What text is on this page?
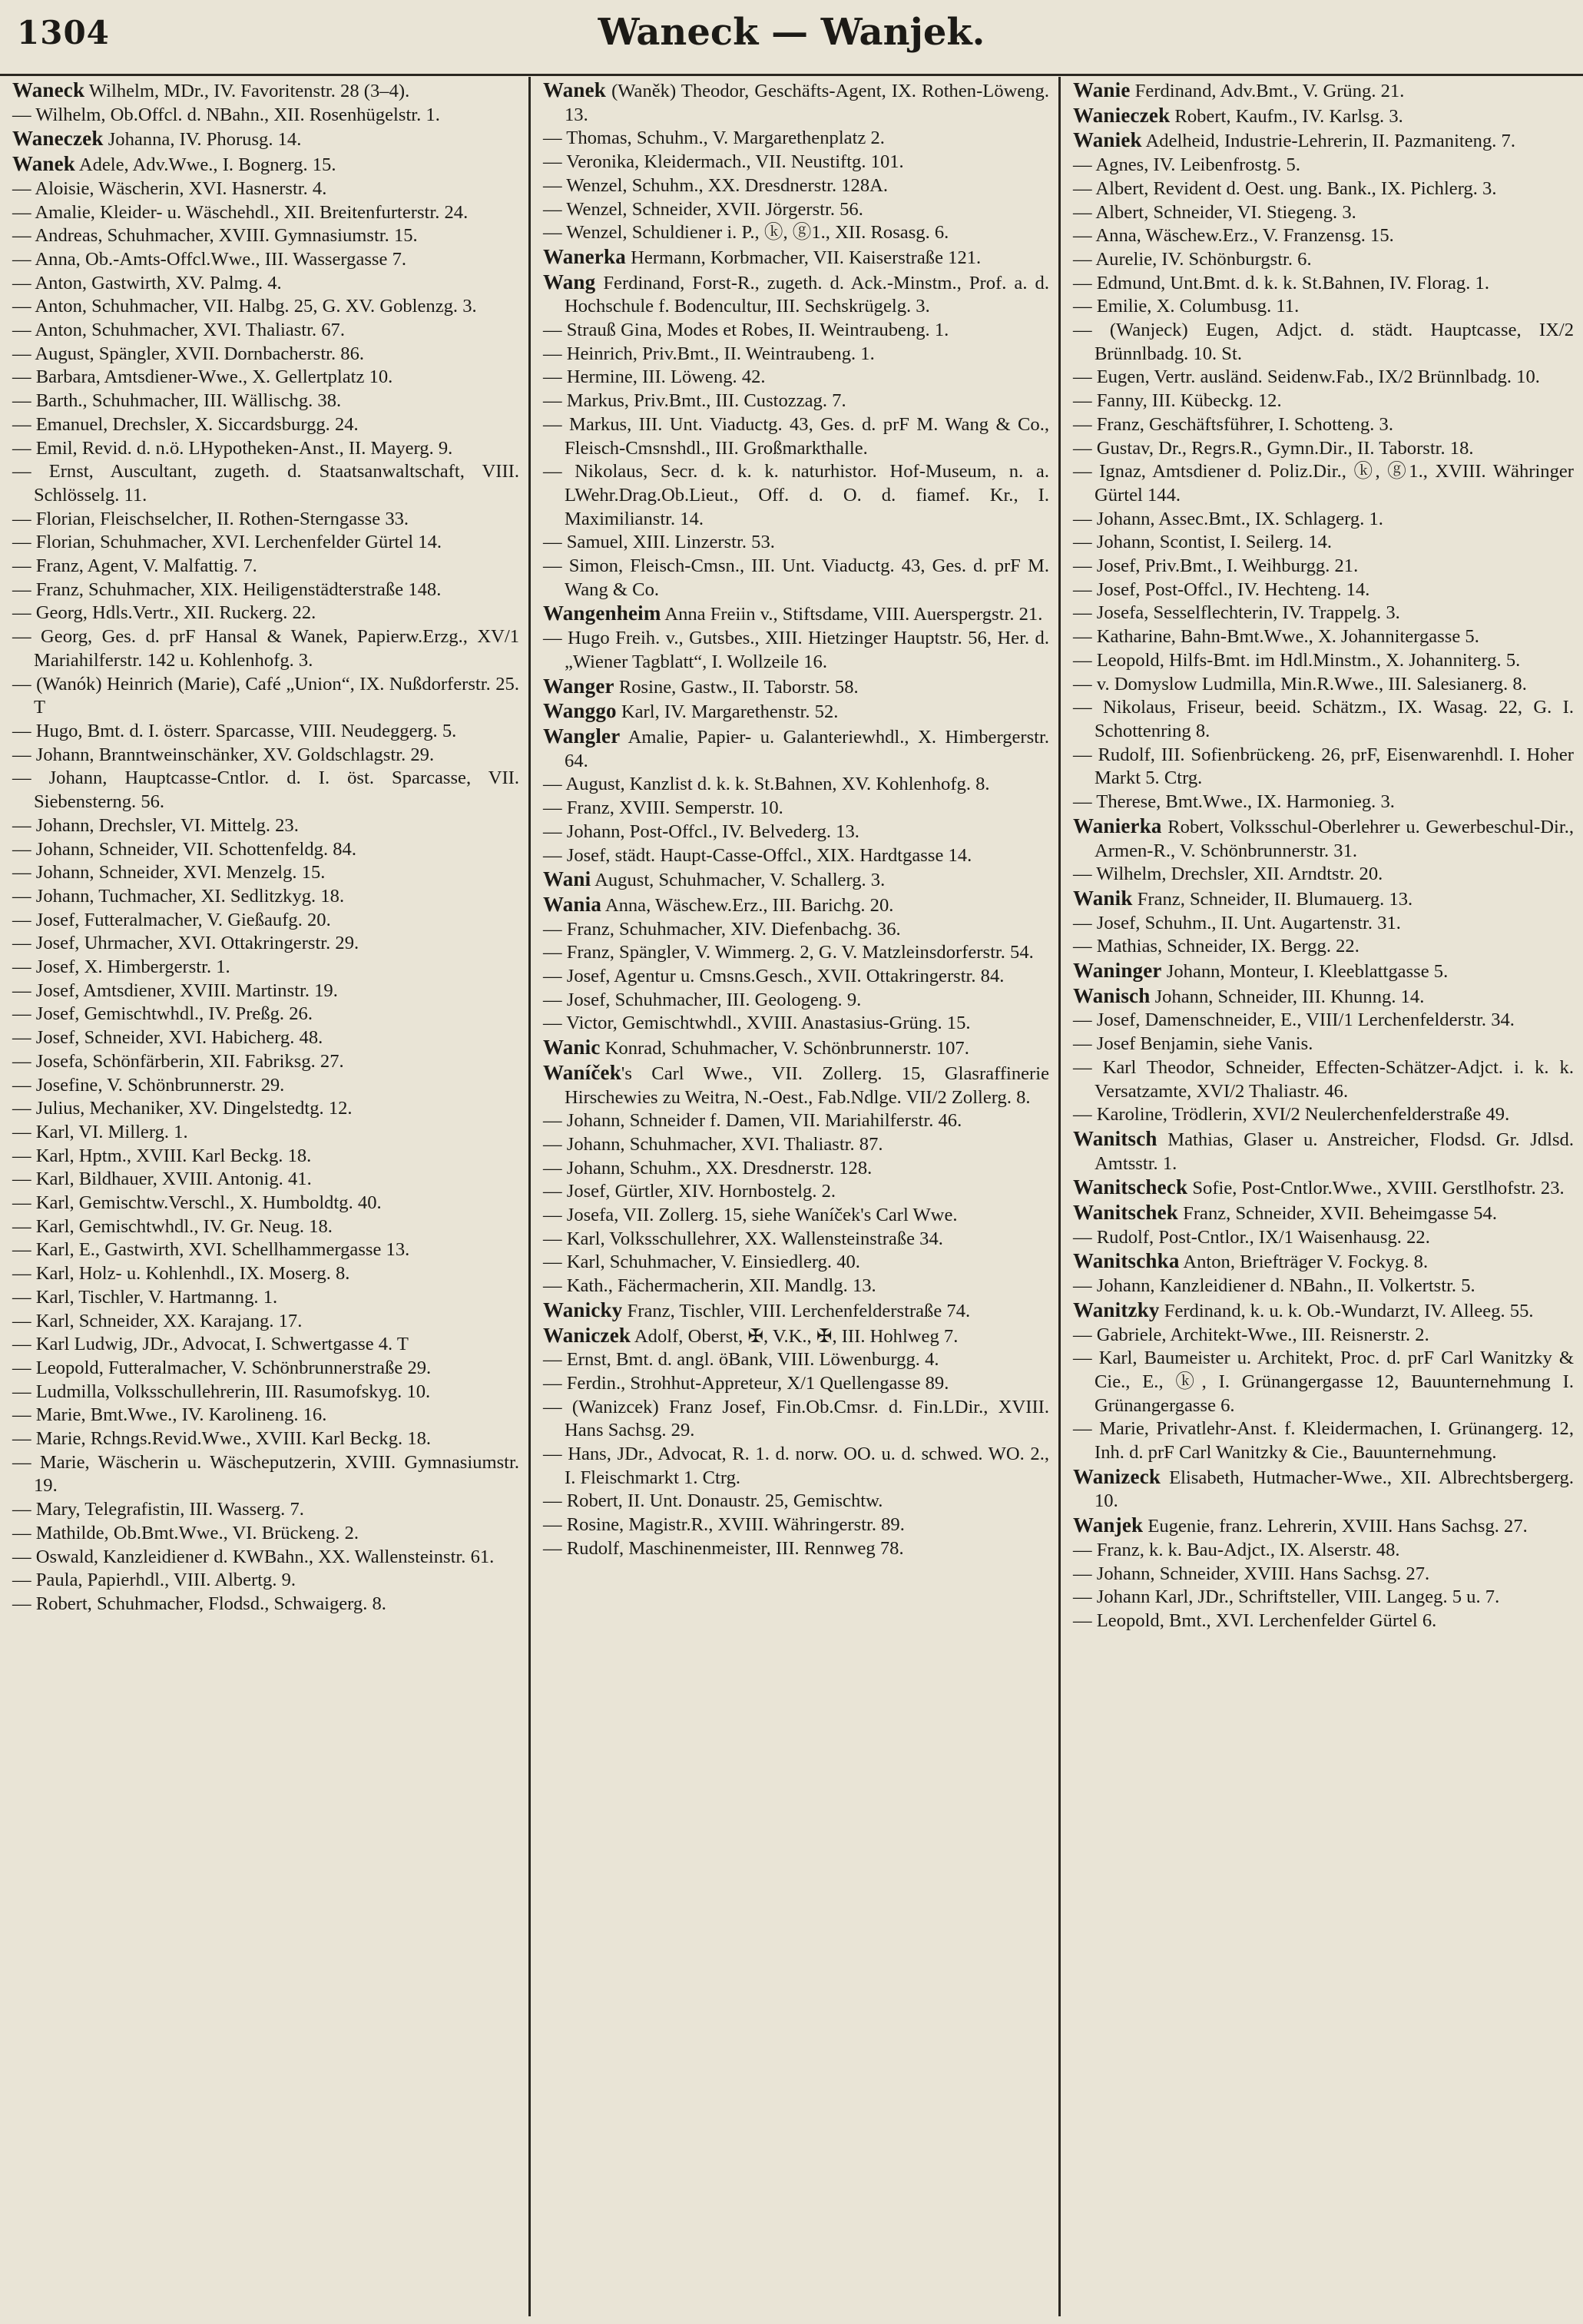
1304	Waneck — Wanjek.

Waneck Wilhelm, MDr., IV. Favoritenstr. 28 (3–4).

— Wilhelm, Ob.Offcl. d. NBahn., XII. Rosenhügelstr. 1.

Waneczek Johanna, IV. Phorusg. 14.

Wanek Adele, Adv.Wwe., I. Bognerg. 15.

— Aloisie, Wäscherin, XVI. Hasnerstr. 4.

— Amalie, Kleider- u. Wäschehdl., XII. Breitenfurterstr. 24.

— Andreas, Schuhmacher, XVIII. Gymnasiumstr. 15.

— Anna, Ob.-Amts-Offcl.Wwe., III. Wassergasse 7.

— Anton, Gastwirth, XV. Palmg. 4.

— Anton, Schuhmacher, VII. Halbg. 25, G. XV. Goblenzg. 3.

— Anton, Schuhmacher, XVI. Thaliastr. 67.

— August, Spängler, XVII. Dornbacherstr. 86.

— Barbara, Amtsdiener-Wwe., X. Gellertplatz 10.

— Barth., Schuhmacher, III. Wällischg. 38.

— Emanuel, Drechsler, X. Siccardsburgg. 24.

— Emil, Revid. d. n.ö. LHypotheken-Anst., II. Mayerg. 9.

— Ernst, Auscultant, zugeth. d. Staatsanwaltschaft, VIII. Schlösselg. 11.

— Florian, Fleischselcher, II. Rothen-Sterngasse 33.

— Florian, Schuhmacher, XVI. Lerchenfelder Gürtel 14.

— Franz, Agent, V. Malfattig. 7.

— Franz, Schuhmacher, XIX. Heiligenstädterstraße 148.

— Georg, Hdls.Vertr., XII. Ruckerg. 22.

— Georg, Ges. d. prF Hansal & Wanek, Papierw.Erzg., XV/1 Mariahilferstr. 142 u. Kohlenhofg. 3.

— (Wanók) Heinrich (Marie), Café „Union“, IX. Nußdorferstr. 25. T

— Hugo, Bmt. d. I. österr. Sparcasse, VIII. Neudeggerg. 5.

— Johann, Branntweinschänker, XV. Goldschlagstr. 29.

— Johann, Hauptcasse-Cntlor. d. I. öst. Sparcasse, VII. Siebensterng. 56.

— Johann, Drechsler, VI. Mittelg. 23.

— Johann, Schneider, VII. Schottenfeldg. 84.

— Johann, Schneider, XVI. Menzelg. 15.

— Johann, Tuchmacher, XI. Sedlitzkyg. 18.

— Josef, Futteralmacher, V. Gießaufg. 20.

— Josef, Uhrmacher, XVI. Ottakringerstr. 29.

— Josef, X. Himbergerstr. 1.

— Josef, Amtsdiener, XVIII. Martinstr. 19.

— Josef, Gemischtwhdl., IV. Preßg. 26.

— Josef, Schneider, XVI. Habicherg. 48.

— Josefa, Schönfärberin, XII. Fabriksg. 27.

— Josefine, V. Schönbrunnerstr. 29.

— Julius, Mechaniker, XV. Dingelstedtg. 12.

— Karl, VI. Millerg. 1.

— Karl, Hptm., XVIII. Karl Beckg. 18.

— Karl, Bildhauer, XVIII. Antonig. 41.

— Karl, Gemischtw.Verschl., X. Humboldtg. 40.

— Karl, Gemischtwhdl., IV. Gr. Neug. 18.

— Karl, E., Gastwirth, XVI. Schellhammergasse 13.

— Karl, Holz- u. Kohlenhdl., IX. Moserg. 8.

— Karl, Tischler, V. Hartmanng. 1.

— Karl, Schneider, XX. Karajang. 17.

— Karl Ludwig, JDr., Advocat, I. Schwertgasse 4. T

— Leopold, Futteralmacher, V. Schönbrunnerstraße 29.

— Ludmilla, Volksschullehrerin, III. Rasumofskyg. 10.

— Marie, Bmt.Wwe., IV. Karolineng. 16.

— Marie, Rchngs.Revid.Wwe., XVIII. Karl Beckg. 18.

— Marie, Wäscherin u. Wäscheputzerin, XVIII. Gymnasiumstr. 19.

— Mary, Telegrafistin, III. Wasserg. 7.

— Mathilde, Ob.Bmt.Wwe., VI. Brückeng. 2.

— Oswald, Kanzleidiener d. KWBahn., XX. Wallensteinstr. 61.

— Paula, Papierhdl., VIII. Albertg. 9.

— Robert, Schuhmacher, Flodsd., Schwaigerg. 8.

Wanek (Waněk) Theodor, Geschäfts-Agent, IX. Rothen-Löweng. 13.

— Thomas, Schuhm., V. Margarethenplatz 2.

— Veronika, Kleidermach., VII. Neustiftg. 101.

— Wenzel, Schuhm., XX. Dresdnerstr. 128A.

— Wenzel, Schneider, XVII. Jörgerstr. 56.

— Wenzel, Schuldiener i. P., ⓚ, ⓖ1., XII. Rosasg. 6.

Wanerka Hermann, Korbmacher, VII. Kaiserstraße 121.

Wang Ferdinand, Forst-R., zugeth. d. Ack.-Minstm., Prof. a. d. Hochschule f. Bodencultur, III. Sechskrügelg. 3.

— Strauß Gina, Modes et Robes, II. Weintraubeng. 1.

— Heinrich, Priv.Bmt., II. Weintraubeng. 1.

— Hermine, III. Löweng. 42.

— Markus, Priv.Bmt., III. Custozzag. 7.

— Markus, III. Unt. Viaductg. 43, Ges. d. prF M. Wang & Co., Fleisch-Cmsnshdl., III. Großmarkthalle.

— Nikolaus, Secr. d. k. k. naturhistor. Hof-Museum, n. a. LWehr.Drag.Ob.Lieut., Off. d. O. d. fiamef. Kr., I. Maximilianstr. 14.

— Samuel, XIII. Linzerstr. 53.

— Simon, Fleisch-Cmsn., III. Unt. Viaductg. 43, Ges. d. prF M. Wang & Co.

Wangenheim Anna Freiin v., Stiftsdame, VIII. Auerspergstr. 21.

— Hugo Freih. v., Gutsbes., XIII. Hietzinger Hauptstr. 56, Her. d. „Wiener Tagblatt“, I. Wollzeile 16.

Wanger Rosine, Gastw., II. Taborstr. 58.

Wanggo Karl, IV. Margarethenstr. 52.

Wangler Amalie, Papier- u. Galanteriewhdl., X. Himbergerstr. 64.

— August, Kanzlist d. k. k. St.Bahnen, XV. Kohlenhofg. 8.

— Franz, XVIII. Semperstr. 10.

— Johann, Post-Offcl., IV. Belvederg. 13.

— Josef, städt. Haupt-Casse-Offcl., XIX. Hardtgasse 14.

Wani August, Schuhmacher, V. Schallerg. 3.

Wania Anna, Wäschew.Erz., III. Barichg. 20.

— Franz, Schuhmacher, XIV. Diefenbachg. 36.

— Franz, Spängler, V. Wimmerg. 2, G. V. Matzleinsdorferstr. 54.

— Josef, Agentur u. Cmsns.Gesch., XVII. Ottakringerstr. 84.

— Josef, Schuhmacher, III. Geologeng. 9.

— Victor, Gemischtwhdl., XVIII. Anastasius-Grüng. 15.

Wanic Konrad, Schuhmacher, V. Schönbrunnerstr. 107.

Waníček's Carl Wwe., VII. Zollerg. 15, Glasraffinerie Hirschewies zu Weitra, N.-Oest., Fab.Ndlge. VII/2 Zollerg. 8.

— Johann, Schneider f. Damen, VII. Mariahilferstr. 46.

— Johann, Schuhmacher, XVI. Thaliastr. 87.

— Johann, Schuhm., XX. Dresdnerstr. 128.

— Josef, Gürtler, XIV. Hornbostelg. 2.

— Josefa, VII. Zollerg. 15, siehe Waníček's Carl Wwe.

— Karl, Volksschullehrer, XX. Wallensteinstraße 34.

— Karl, Schuhmacher, V. Einsiedlerg. 40.

— Kath., Fächermacherin, XII. Mandlg. 13.

Wanicky Franz, Tischler, VIII. Lerchenfelderstraße 74.

Waniczek Adolf, Oberst, ✠, V.K., ✠, III. Hohlweg 7.

— Ernst, Bmt. d. angl. öBank, VIII. Löwenburgg. 4.

— Ferdin., Strohhut-Appreteur, X/1 Quellengasse 89.

— (Wanizcek) Franz Josef, Fin.Ob.Cmsr. d. Fin.LDir., XVIII. Hans Sachsg. 29.

— Hans, JDr., Advocat, R. 1. d. norw. OO. u. d. schwed. WO. 2., I. Fleischmarkt 1. Ctrg.

— Robert, II. Unt. Donaustr. 25, Gemischtw.

— Rosine, Magistr.R., XVIII. Währingerstr. 89.

— Rudolf, Maschinenmeister, III. Rennweg 78.

Wanie Ferdinand, Adv.Bmt., V. Grüng. 21.

Wanieczek Robert, Kaufm., IV. Karlsg. 3.

Waniek Adelheid, Industrie-Lehrerin, II. Pazmaniteng. 7.

— Agnes, IV. Leibenfrostg. 5.

— Albert, Revident d. Oest. ung. Bank., IX. Pichlerg. 3.

— Albert, Schneider, VI. Stiegeng. 3.

— Anna, Wäschew.Erz., V. Franzensg. 15.

— Aurelie, IV. Schönburgstr. 6.

— Edmund, Unt.Bmt. d. k. k. St.Bahnen, IV. Florag. 1.

— Emilie, X. Columbusg. 11.

— (Wanjeck) Eugen, Adjct. d. städt. Hauptcasse, IX/2 Brünnlbadg. 10. St.

— Eugen, Vertr. ausländ. Seidenw.Fab., IX/2 Brünnlbadg. 10.

— Fanny, III. Kübeckg. 12.

— Franz, Geschäftsführer, I. Schotteng. 3.

— Gustav, Dr., Regrs.R., Gymn.Dir., II. Taborstr. 18.

— Ignaz, Amtsdiener d. Poliz.Dir., ⓚ, ⓖ1., XVIII. Währinger Gürtel 144.

— Johann, Assec.Bmt., IX. Schlagerg. 1.

— Johann, Scontist, I. Seilerg. 14.

— Josef, Priv.Bmt., I. Weihburgg. 21.

— Josef, Post-Offcl., IV. Hechteng. 14.

— Josefa, Sesselflechterin, IV. Trappelg. 3.

— Katharine, Bahn-Bmt.Wwe., X. Johannitergasse 5.

— Leopold, Hilfs-Bmt. im Hdl.Minstm., X. Johanniterg. 5.

— v. Domyslow Ludmilla, Min.R.Wwe., III. Salesianerg. 8.

— Nikolaus, Friseur, beeid. Schätzm., IX. Wasag. 22, G. I. Schottenring 8.

— Rudolf, III. Sofienbrückeng. 26, prF, Eisenwarenhdl. I. Hoher Markt 5. Ctrg.

— Therese, Bmt.Wwe., IX. Harmonieg. 3.

Wanierka Robert, Volksschul-Oberlehrer u. Gewerbeschul-Dir., Armen-R., V. Schönbrunnerstr. 31.

— Wilhelm, Drechsler, XII. Arndtstr. 20.

Wanik Franz, Schneider, II. Blumauerg. 13.

— Josef, Schuhm., II. Unt. Augartenstr. 31.

— Mathias, Schneider, IX. Bergg. 22.

Waninger Johann, Monteur, I. Kleeblattgasse 5.

Wanisch Johann, Schneider, III. Khunng. 14.

— Josef, Damenschneider, E., VIII/1 Lerchenfelderstr. 34.

— Josef Benjamin, siehe Vanis.

— Karl Theodor, Schneider, Effecten-Schätzer-Adjct. i. k. k. Versatzamte, XVI/2 Thaliastr. 46.

— Karoline, Trödlerin, XVI/2 Neulerchenfelderstraße 49.

Wanitsch Mathias, Glaser u. Anstreicher, Flodsd. Gr. Jdlsd. Amtsstr. 1.

Wanitscheck Sofie, Post-Cntlor.Wwe., XVIII. Gerstlhofstr. 23.

Wanitschek Franz, Schneider, XVII. Beheimgasse 54.

— Rudolf, Post-Cntlor., IX/1 Waisenhausg. 22.

Wanitschka Anton, Briefträger V. Fockyg. 8.

— Johann, Kanzleidiener d. NBahn., II. Volkertstr. 5.

Wanitzky Ferdinand, k. u. k. Ob.-Wundarzt, IV. Alleeg. 55.

— Gabriele, Architekt-Wwe., III. Reisnerstr. 2.

— Karl, Baumeister u. Architekt, Proc. d. prF Carl Wanitzky & Cie., E., ⓚ, I. Grünangergasse 12, Bauunternehmung I. Grünangergasse 6.

— Marie, Privatlehr-Anst. f. Kleidermachen, I. Grünangerg. 12, Inh. d. prF Carl Wanitzky & Cie., Bauunternehmung.

Wanizeck Elisabeth, Hutmacher-Wwe., XII. Albrechtsbergerg. 10.

Wanjek Eugenie, franz. Lehrerin, XVIII. Hans Sachsg. 27.

— Franz, k. k. Bau-Adjct., IX. Alserstr. 48.

— Johann, Schneider, XVIII. Hans Sachsg. 27.

— Johann Karl, JDr., Schriftsteller, VIII. Langeg. 5 u. 7.

— Leopold, Bmt., XVI. Lerchenfelder Gürtel 6.
